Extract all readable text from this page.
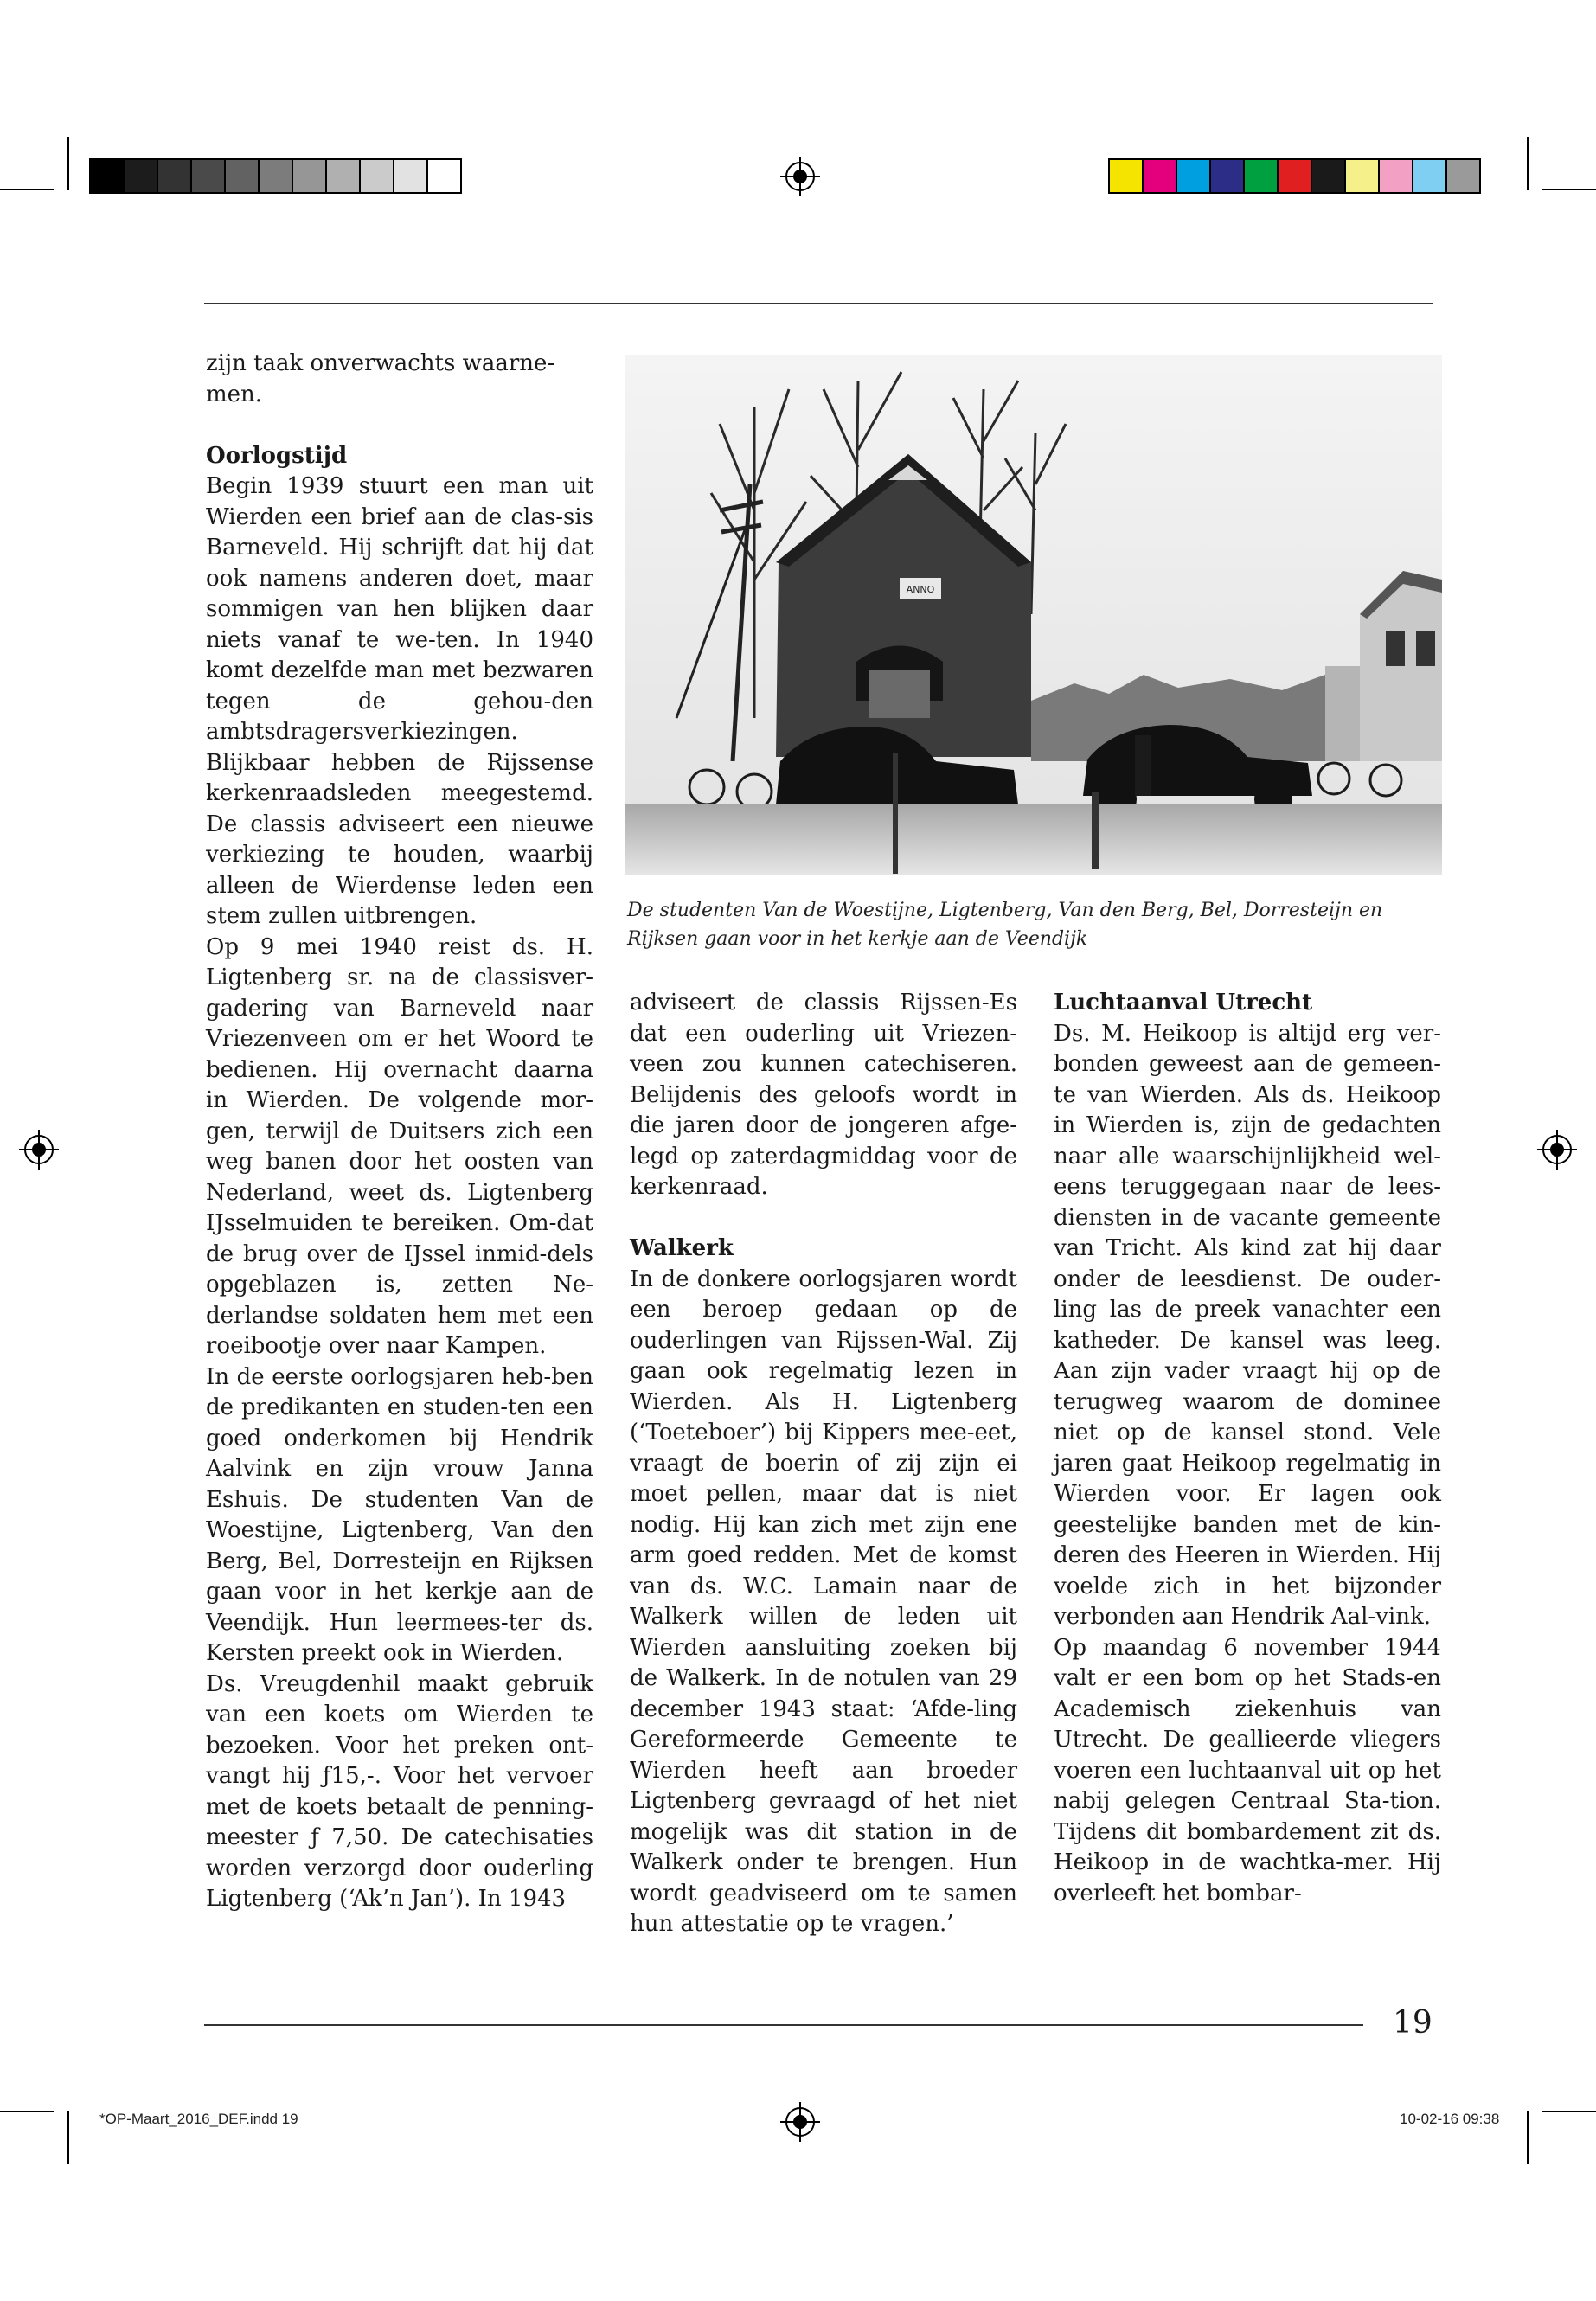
*OP-Maart_2016_DEF.indd 19	10-02-16 09:38
19

zijn taak onverwachts waarne-
men.

Oorlogstijd

Begin 1939 stuurt een man uit Wierden een brief aan de clas-sis Barneveld. Hij schrijft dat hij dat ook namens anderen doet, maar sommigen van hen blijken daar niets vanaf te we-ten. In 1940 komt dezelfde man met bezwaren tegen de gehou-den ambtsdragersverkiezingen. Blijkbaar hebben de Rijssense kerkenraadsleden meegestemd. De classis adviseert een nieuwe verkiezing te houden, waarbij alleen de Wierdense leden een stem zullen uitbrengen.

Op 9 mei 1940 reist ds. H. Ligtenberg sr. na de classisver-gadering van Barneveld naar Vriezenveen om er het Woord te bedienen. Hij overnacht daarna in Wierden. De volgende mor-gen, terwijl de Duitsers zich een weg banen door het oosten van Nederland, weet ds. Ligtenberg IJsselmuiden te bereiken. Om-dat de brug over de IJssel inmid-dels opgeblazen is, zetten Ne-derlandse soldaten hem met een roeibootje over naar Kampen.

In de eerste oorlogsjaren heb-ben de predikanten en studen-ten een goed onderkomen bij Hendrik Aalvink en zijn vrouw Janna Eshuis. De studenten Van de Woestijne, Ligtenberg, Van den Berg, Bel, Dorresteijn en Rijksen gaan voor in het kerkje aan de Veendijk. Hun leermees-ter ds. Kersten preekt ook in Wierden.

Ds. Vreugdenhil maakt gebruik van een koets om Wierden te bezoeken. Voor het preken ont-vangt hij ƒ15,-. Voor het vervoer met de koets betaalt de penning-meester ƒ 7,50. De catechisaties worden verzorgd door ouderling Ligtenberg (‘Ak’n Jan’). In 1943

ANNO
De studenten Van de Woestijne, Ligtenberg, Van den Berg, Bel, Dorresteijn en Rijksen gaan voor in het kerkje aan de Veendijk

adviseert de classis Rijssen-Es dat een ouderling uit Vriezen-veen zou kunnen catechiseren. Belijdenis des geloofs wordt in die jaren door de jongeren afge-legd op zaterdagmiddag voor de kerkenraad.

Walkerk

In de donkere oorlogsjaren wordt een beroep gedaan op de ouderlingen van Rijssen-Wal. Zij gaan ook regelmatig lezen in Wierden. Als H. Ligtenberg (‘Toeteboer’) bij Kippers mee-eet, vraagt de boerin of zij zijn ei moet pellen, maar dat is niet nodig. Hij kan zich met zijn ene arm goed redden. Met de komst van ds. W.C. Lamain naar de Walkerk willen de leden uit Wierden aansluiting zoeken bij de Walkerk. In de notulen van 29 december 1943 staat: ‘Afde-ling Gereformeerde Gemeente te Wierden heeft aan broeder Ligtenberg gevraagd of het niet mogelijk was dit station in de Walkerk onder te brengen. Hun wordt geadviseerd om te samen hun attestatie op te vragen.’

Luchtaanval Utrecht

Ds. M. Heikoop is altijd erg ver-bonden geweest aan de gemeen-te van Wierden. Als ds. Heikoop in Wierden is, zijn de gedachten naar alle waarschijnlijkheid wel-eens teruggegaan naar de lees-diensten in de vacante gemeente van Tricht. Als kind zat hij daar onder de leesdienst. De ouder-ling las de preek vanachter een katheder. De kansel was leeg. Aan zijn vader vraagt hij op de terugweg waarom de dominee niet op de kansel stond. Vele jaren gaat Heikoop regelmatig in Wierden voor. Er lagen ook geestelijke banden met de kin-deren des Heeren in Wierden. Hij voelde zich in het bijzonder verbonden aan Hendrik Aal-vink.

Op maandag 6 november 1944 valt er een bom op het Stads-en Academisch ziekenhuis van Utrecht. De geallieerde vliegers voeren een luchtaanval uit op het nabij gelegen Centraal Sta-tion. Tijdens dit bombardement zit ds. Heikoop in de wachtka-mer. Hij overleeft het bombar-
